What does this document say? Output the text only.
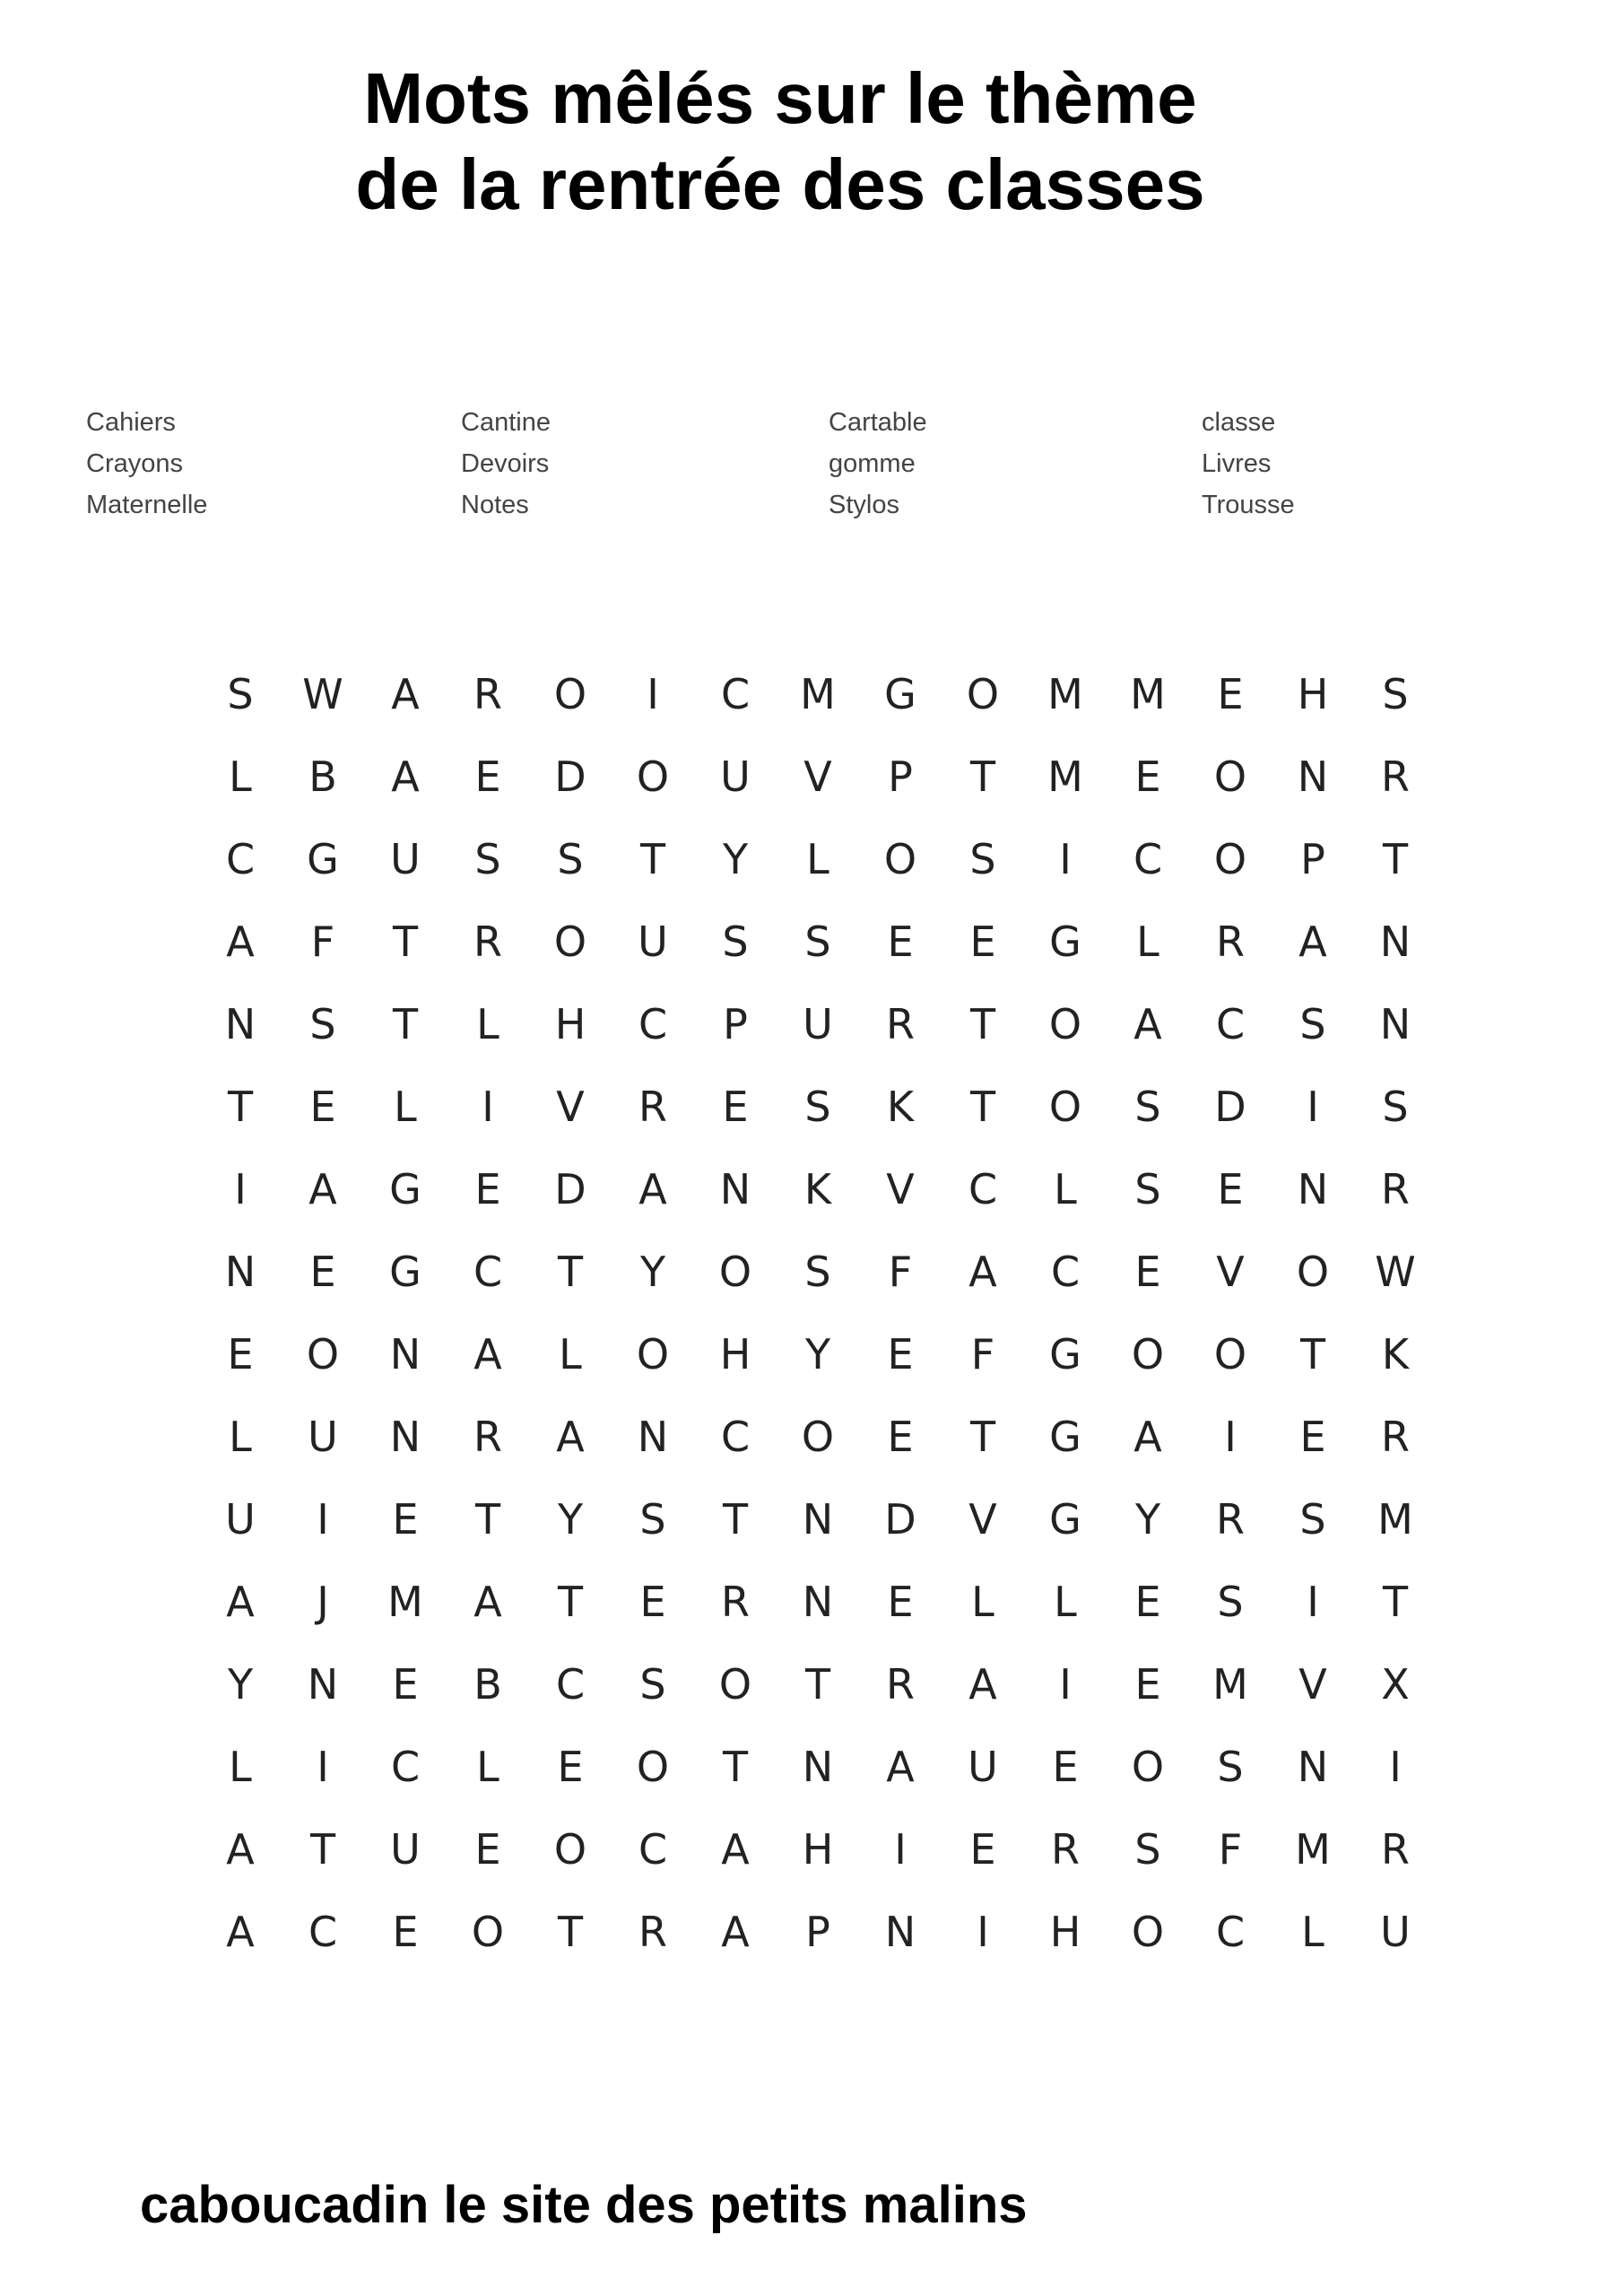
Mots mêlés sur le thème
de la rentrée des classes
Cahiers	Cantine	Cartable	classe
Crayons	Devoirs	gomme	Livres
Maternelle	Notes	Stylos	Trousse
S	W	A	R	O	I	C	M	G	O	M	M	E	H	S
L	B	A	E	D	O	U	V	P	T	M	E	O	N	R
C	G	U	S	S	T	Y	L	O	S	I	C	O	P	T
A	F	T	R	O	U	S	S	E	E	G	L	R	A	N
N	S	T	L	H	C	P	U	R	T	O	A	C	S	N
T	E	L	I	V	R	E	S	K	T	O	S	D	I	S
I	A	G	E	D	A	N	K	V	C	L	S	E	N	R
N	E	G	C	T	Y	O	S	F	A	C	E	V	O	W
E	O	N	A	L	O	H	Y	E	F	G	O	O	T	K
L	U	N	R	A	N	C	O	E	T	G	A	I	E	R
U	I	E	T	Y	S	T	N	D	V	G	Y	R	S	M
A	J	M	A	T	E	R	N	E	L	L	E	S	I	T
Y	N	E	B	C	S	O	T	R	A	I	E	M	V	X
L	I	C	L	E	O	T	N	A	U	E	O	S	N	I
A	T	U	E	O	C	A	H	I	E	R	S	F	M	R
A	C	E	O	T	R	A	P	N	I	H	O	C	L	U
caboucadin le site des petits malins
